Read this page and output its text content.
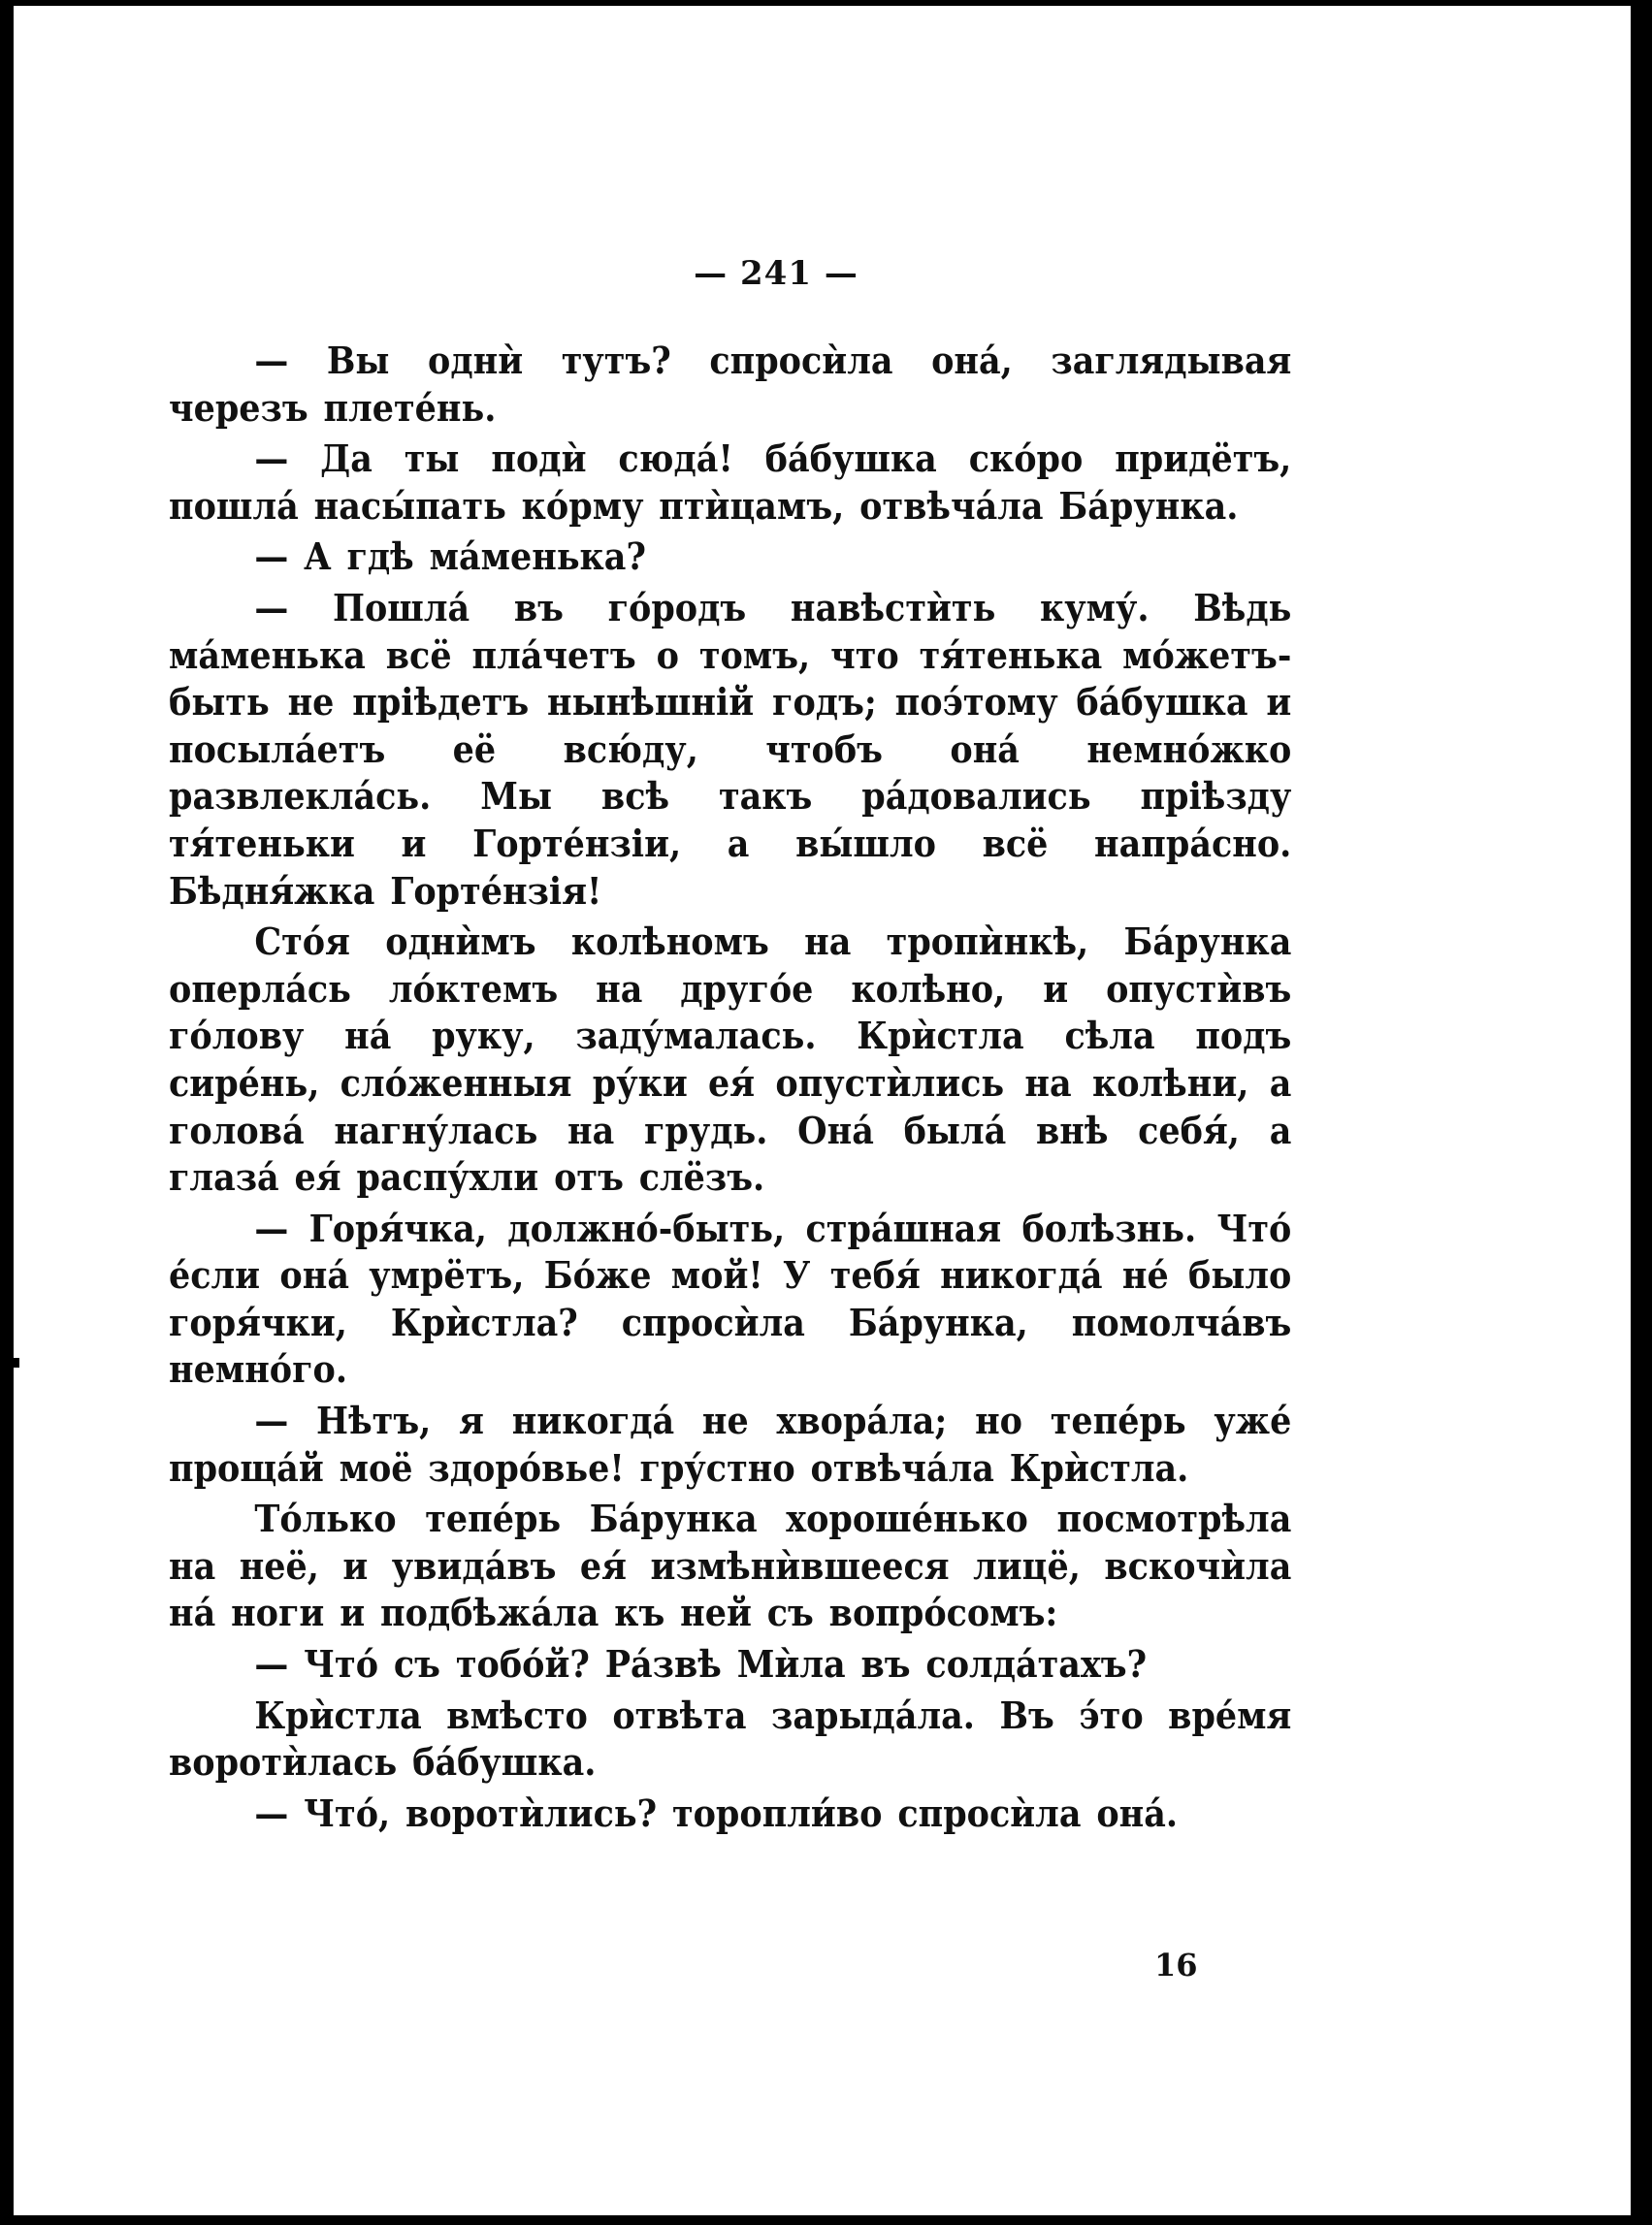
— 241 —

— Вы однѝ тутъ? спросѝла она́, заглядывая черезъ плете́нь.

— Да ты подѝ сюда́! ба́бушка ско́ро придётъ, пошла́ насы́пать ко́рму птѝцамъ, отвѣча́ла Ба́рунка.

— А гдѣ ма́менька?

— Пошла́ въ го́родъ навѣстѝть куму́. Вѣдь ма́менька всё пла́четъ о томъ, что тя́тенька мо́жетъ-быть не пріѣдетъ нынѣшній годъ; поэ́тому ба́бушка и посыла́етъ её всю́ду, чтобъ она́ немно́жко развлекла́сь. Мы всѣ такъ ра́довались пріѣзду тя́теньки и Горте́нзіи, а вы́шло всё напра́сно. Бѣдня́жка Горте́нзія!

Сто́я однѝмъ колѣномъ на тропѝнкѣ, Ба́рунка оперла́сь ло́ктемъ на друго́е колѣно, и опустѝвъ го́лову на́ руку, заду́малась. Крѝстла сѣла подъ сире́нь, сло́женныя ру́ки ея́ опустѝлись на колѣни, а голова́ нагну́лась на грудь. Она́ была́ внѣ себя́, а глаза́ ея́ распу́хли отъ слёзъ.

— Горя́чка, должно́-быть, стра́шная болѣзнь. Что́ е́сли она́ умрётъ, Бо́же мой! У тебя́ никогда́ не́ было горя́чки, Крѝстла? спросѝла Ба́рунка, помолча́въ немно́го.

— Нѣтъ, я никогда́ не хвора́ла; но тепе́рь уже́ проща́й моё здоро́вье! гру́стно отвѣча́ла Крѝстла.

То́лько тепе́рь Ба́рунка хороше́нько посмотрѣла на неё, и увида́въ ея́ измѣнѝвшееся лицё, вскочѝла на́ ноги и подбѣжа́ла къ ней съ вопро́сомъ:

— Что́ съ тобо́й? Ра́звѣ Мѝла въ солда́тахъ?

Крѝстла вмѣсто отвѣта зарыда́ла. Въ э́то вре́мя воротѝлась ба́бушка.

— Что́, воротѝлись? торопли́во спросѝла она́.

16
